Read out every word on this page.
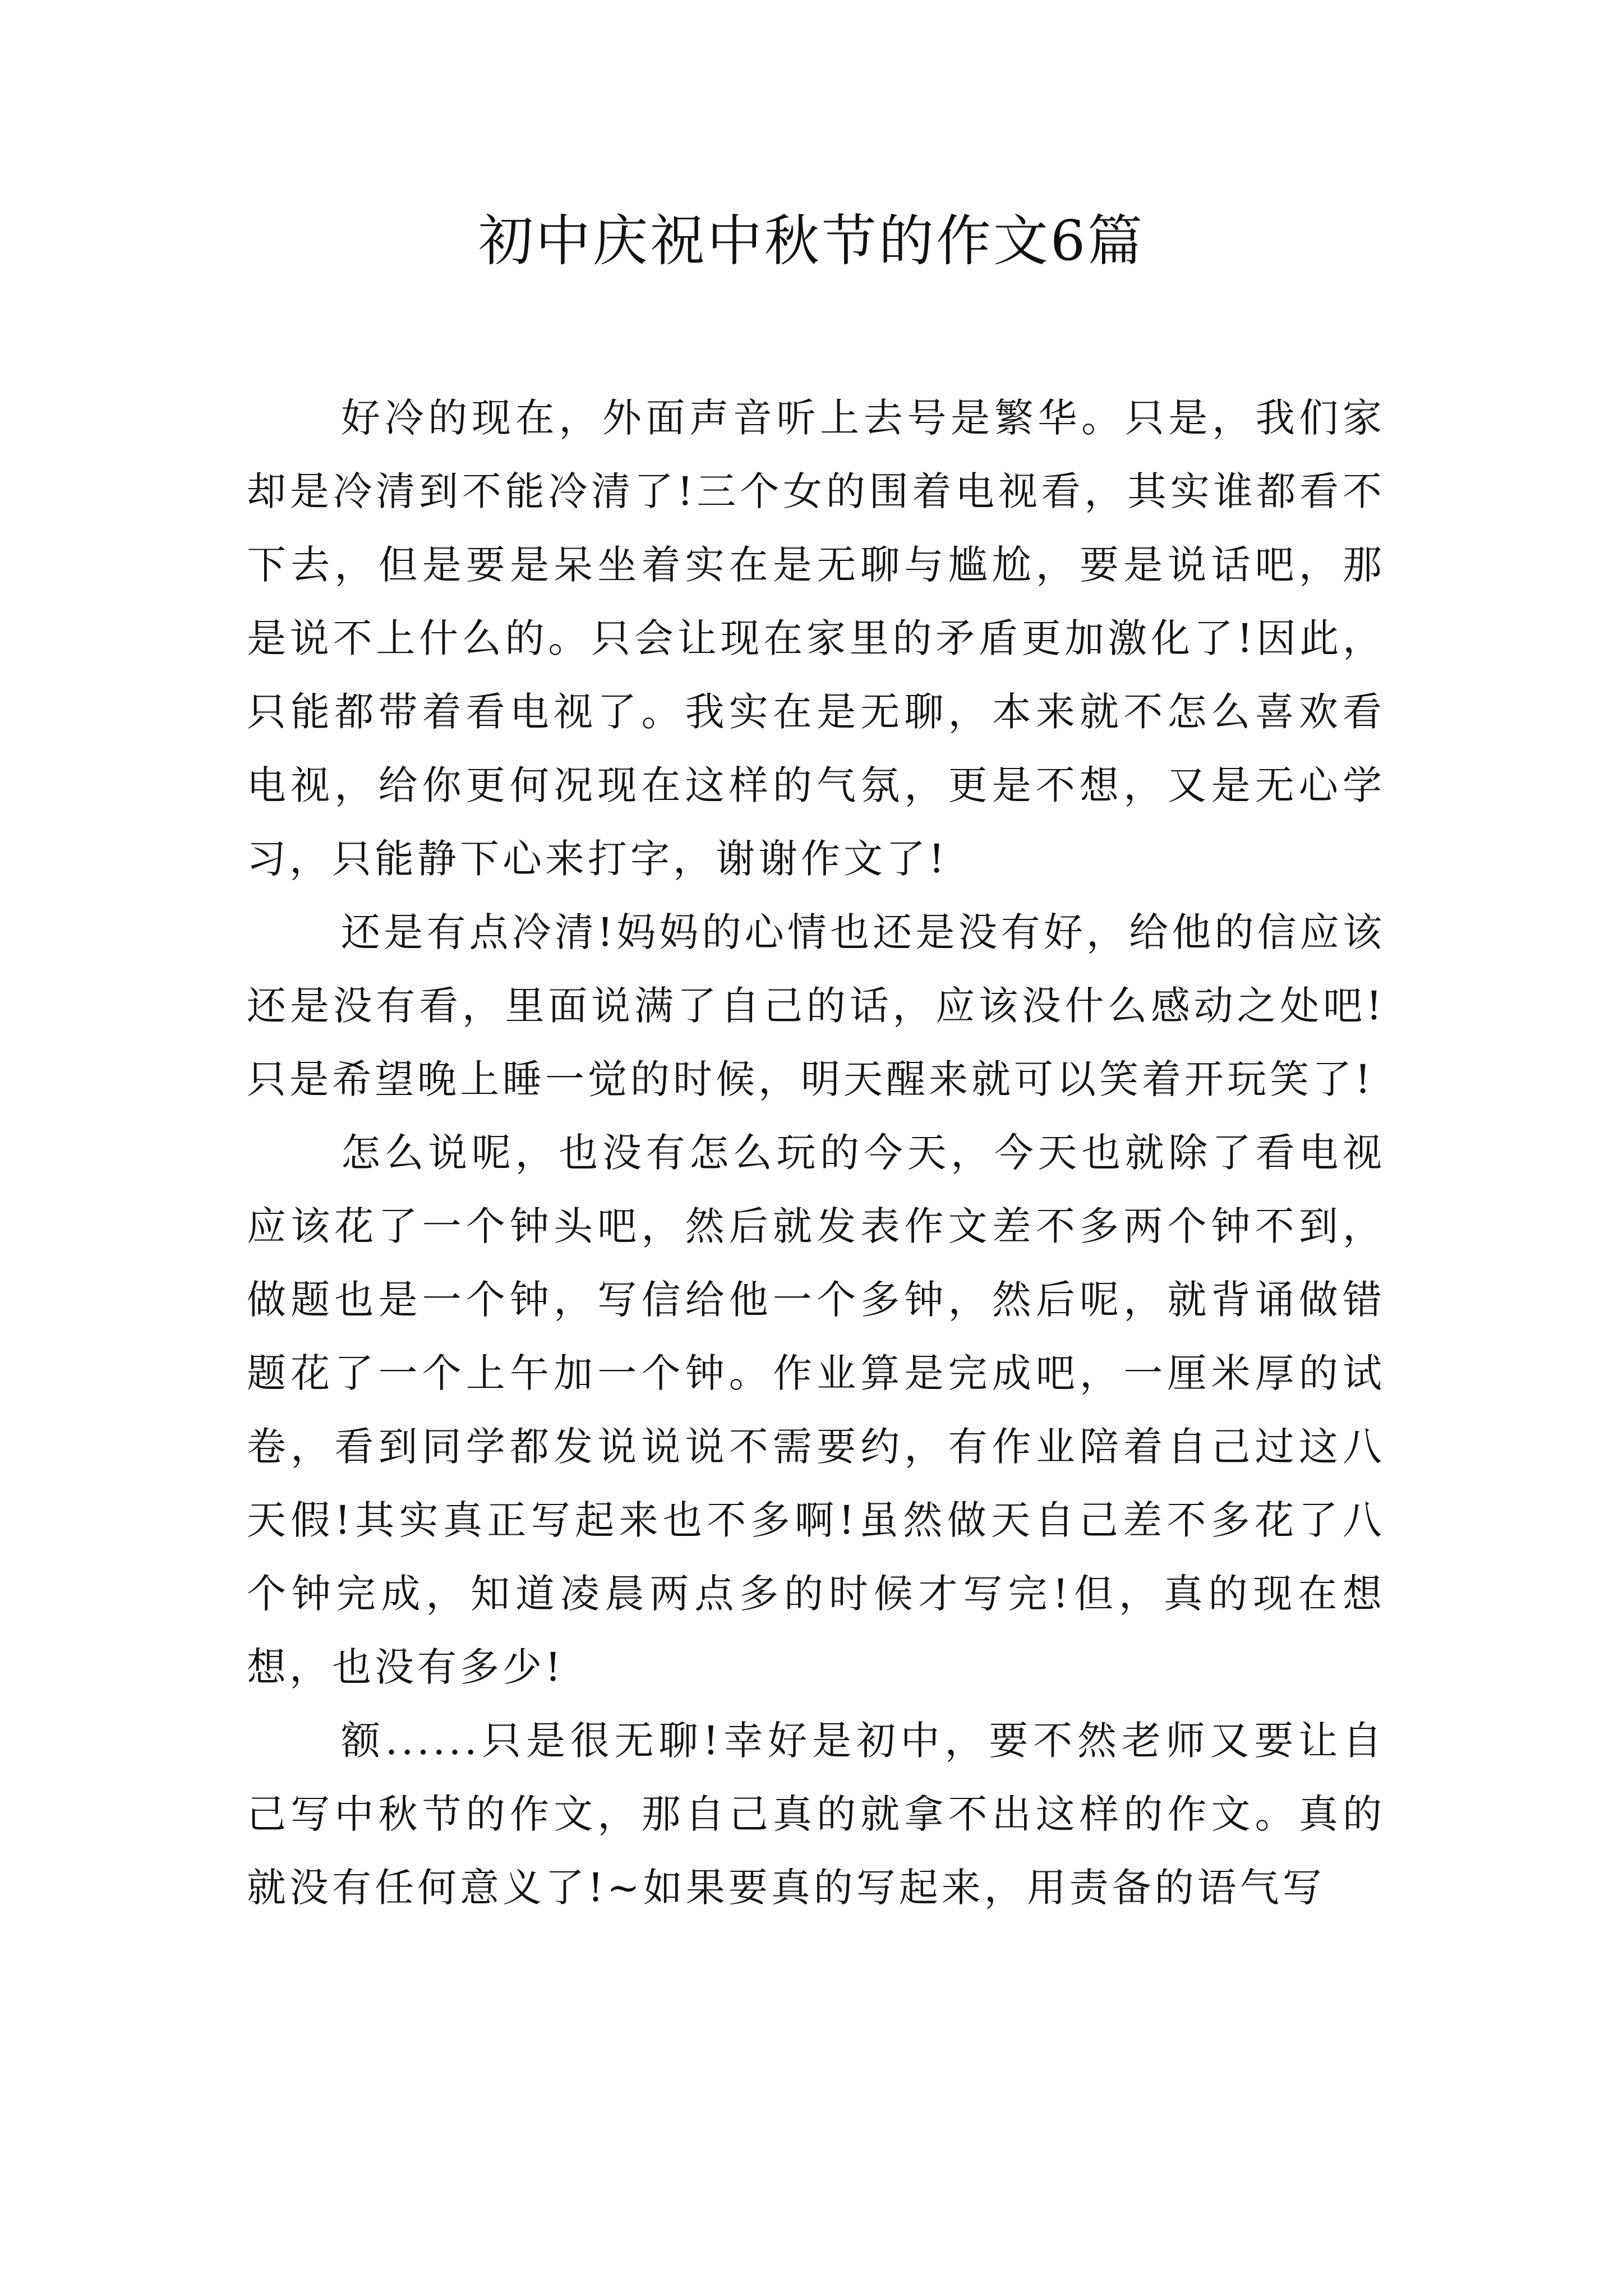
初中庆祝中秋节的作文6篇

好冷的现在，外面声音听上去号是繁华。只是，我们家却是冷清到不能冷清了!三个女的围着电视看，其实谁都看不下去，但是要是呆坐着实在是无聊与尴尬，要是说话吧，那是说不上什么的。只会让现在家里的矛盾更加激化了!因此，只能都带着看电视了。我实在是无聊，本来就不怎么喜欢看电视，给你更何况现在这样的气氛，更是不想，又是无心学习，只能静下心来打字，谢谢作文了!

还是有点冷清!妈妈的心情也还是没有好，给他的信应该还是没有看，里面说满了自己的话，应该没什么感动之处吧!只是希望晚上睡一觉的时候，明天醒来就可以笑着开玩笑了!

怎么说呢，也没有怎么玩的今天，今天也就除了看电视应该花了一个钟头吧，然后就发表作文差不多两个钟不到，做题也是一个钟，写信给他一个多钟，然后呢，就背诵做错题花了一个上午加一个钟。作业算是完成吧，一厘米厚的试卷，看到同学都发说说说不需要约，有作业陪着自己过这八天假!其实真正写起来也不多啊!虽然做天自己差不多花了八个钟完成，知道凌晨两点多的时候才写完!但，真的现在想想，也没有多少!

额......只是很无聊!幸好是初中，要不然老师又要让自己写中秋节的作文，那自己真的就拿不出这样的作文。真的就没有任何意义了!~如果要真的写起来，用责备的语气写
